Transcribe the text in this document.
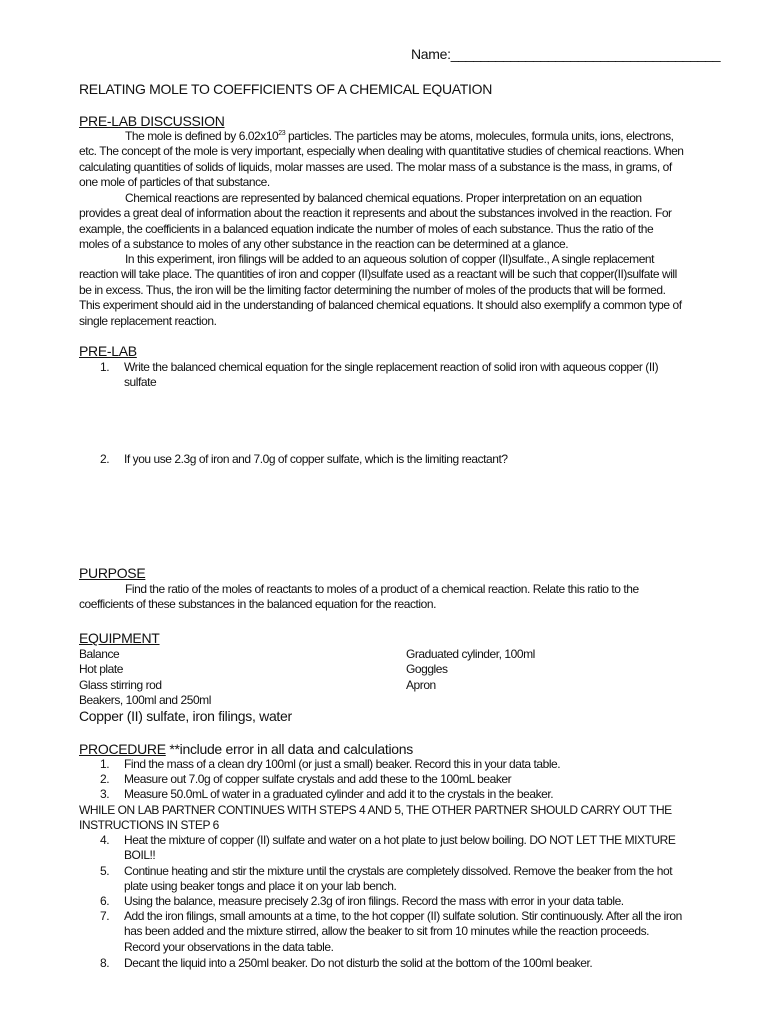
Name:____________________________________
RELATING MOLE TO COEFFICIENTS OF A CHEMICAL EQUATION
PRE-LAB DISCUSSION
The mole is defined by $6.02x10^{23}$ particles. The particles may be atoms, molecules, formula units, ions, electrons, etc. The concept of the mole is very important, especially when dealing with quantitative studies of chemical reactions. When calculating quantities of solids of liquids, molar masses are used. The molar mass of a substance is the mass, in grams, of one mole of particles of that substance.
Chemical reactions are represented by balanced chemical equations. Proper interpretation on an equation provides a great deal of information about the reaction it represents and about the substances involved in the reaction. For example, the coefficients in a balanced equation indicate the number of moles of each substance. Thus the ratio of the moles of a substance to moles of any other substance in the reaction can be determined at a glance.
In this experiment, iron filings will be added to an aqueous solution of copper (II)sulfate., A single replacement reaction will take place. The quantities of iron and copper (II)sulfate used as a reactant will be such that copper(II)sulfate will be in excess. Thus, the iron will be the limiting factor determining the number of moles of the products that will be formed. This experiment should aid in the understanding of balanced chemical equations. It should also exemplify a common type of single replacement reaction.
PRE-LAB
1. Write the balanced chemical equation for the single replacement reaction of solid iron with aqueous copper (II) sulfate
2. If you use 2.3g of iron and 7.0g of copper sulfate, which is the limiting reactant?
PURPOSE
Find the ratio of the moles of reactants to moles of a product of a chemical reaction. Relate this ratio to the coefficients of these substances in the balanced equation for the reaction.
EQUIPMENT
Balance
Hot plate
Glass stirring rod
Beakers, 100ml and 250ml
Graduated cylinder, 100ml
Goggles
Apron
Copper (II) sulfate, iron filings, water
PROCEDURE **include error in all data and calculations
1. Find the mass of a clean dry 100ml (or just a small) beaker. Record this in your data table.
2. Measure out 7.0g of copper sulfate crystals and add these to the 100mL beaker
3. Measure 50.0mL of water in a graduated cylinder and add it to the crystals in the beaker.
WHILE ON LAB PARTNER CONTINUES WITH STEPS 4 AND 5, THE OTHER PARTNER SHOULD CARRY OUT THE INSTRUCTIONS IN STEP 6
4. Heat the mixture of copper (II) sulfate and water on a hot plate to just below boiling. DO NOT LET THE MIXTURE BOIL!!
5. Continue heating and stir the mixture until the crystals are completely dissolved. Remove the beaker from the hot plate using beaker tongs and place it on your lab bench.
6. Using the balance, measure precisely 2.3g of iron filings. Record the mass with error in your data table.
7. Add the iron filings, small amounts at a time, to the hot copper (II) sulfate solution. Stir continuously. After all the iron has been added and the mixture stirred, allow the beaker to sit from 10 minutes while the reaction proceeds. Record your observations in the data table.
8. Decant the liquid into a 250ml beaker. Do not disturb the solid at the bottom of the 100ml beaker.
